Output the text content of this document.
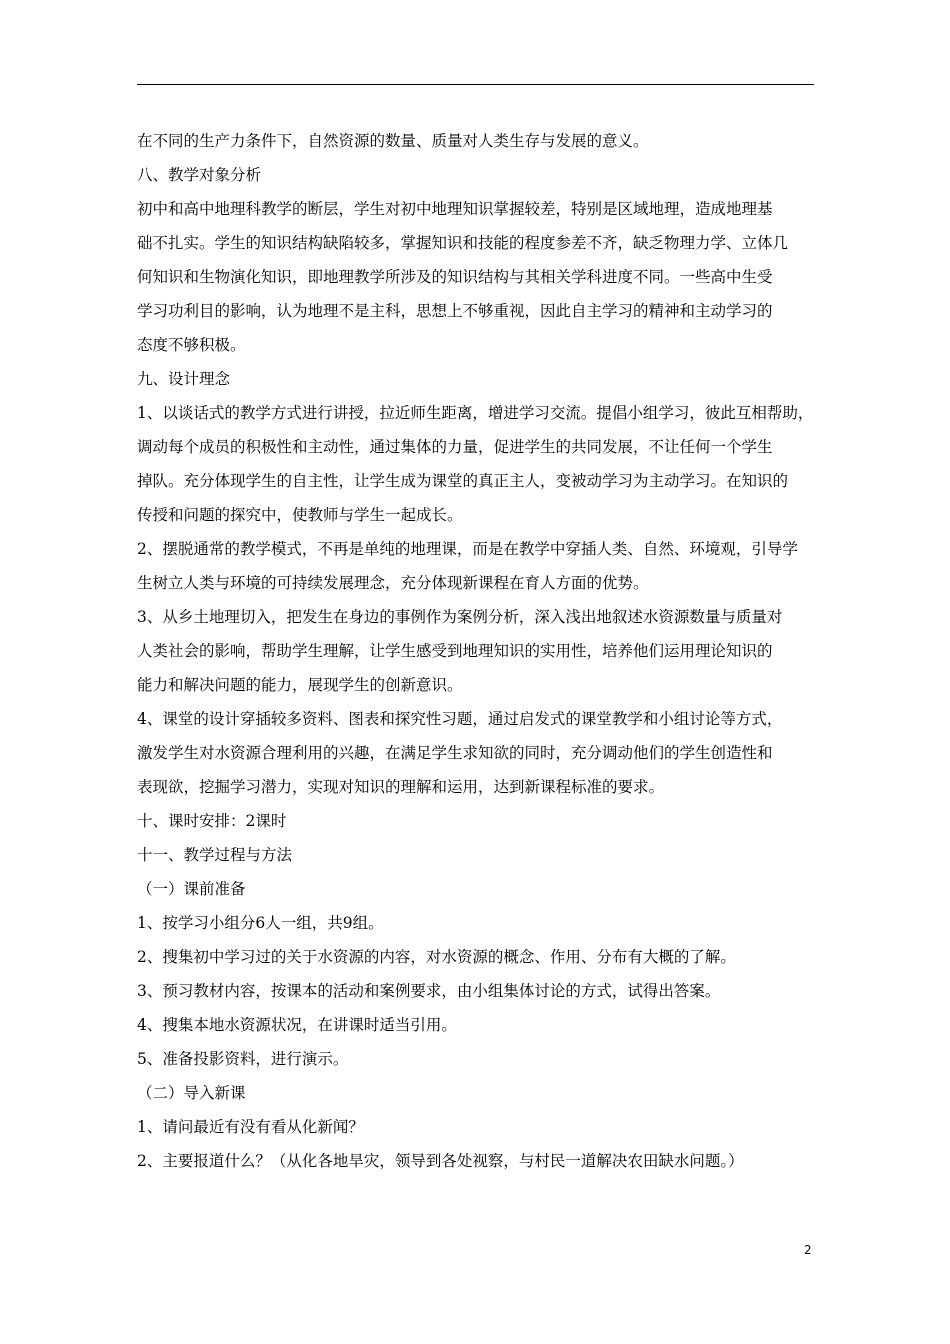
在不同的生产力条件下，自然资源的数量、质量对人类生存与发展的意义。
八、教学对象分析
初中和高中地理科教学的断层，学生对初中地理知识掌握较差，特别是区域地理，造成地理基
础不扎实。学生的知识结构缺陷较多，掌握知识和技能的程度参差不齐，缺乏物理力学、立体几
何知识和生物演化知识，即地理教学所涉及的知识结构与其相关学科进度不同。一些高中生受
学习功利目的影响，认为地理不是主科，思想上不够重视，因此自主学习的精神和主动学习的
态度不够积极。
九、设计理念
1、以谈话式的教学方式进行讲授，拉近师生距离，增进学习交流。提倡小组学习，彼此互相帮助，
调动每个成员的积极性和主动性，通过集体的力量，促进学生的共同发展，不让任何一个学生
掉队。充分体现学生的自主性，让学生成为课堂的真正主人，变被动学习为主动学习。在知识的
传授和问题的探究中，使教师与学生一起成长。
2、摆脱通常的教学模式，不再是单纯的地理课，而是在教学中穿插人类、自然、环境观，引导学
生树立人类与环境的可持续发展理念，充分体现新课程在育人方面的优势。
3、从乡土地理切入，把发生在身边的事例作为案例分析，深入浅出地叙述水资源数量与质量对
人类社会的影响，帮助学生理解，让学生感受到地理知识的实用性，培养他们运用理论知识的
能力和解决问题的能力，展现学生的创新意识。
4、课堂的设计穿插较多资料、图表和探究性习题，通过启发式的课堂教学和小组讨论等方式，
激发学生对水资源合理利用的兴趣，在满足学生求知欲的同时，充分调动他们的学生创造性和
表现欲，挖掘学习潜力，实现对知识的理解和运用，达到新课程标准的要求。
十、课时安排：2课时
十一、教学过程与方法
（一）课前准备
1、按学习小组分6人一组，共9组。
2、搜集初中学习过的关于水资源的内容，对水资源的概念、作用、分布有大概的了解。
3、预习教材内容，按课本的活动和案例要求，由小组集体讨论的方式，试得出答案。
4、搜集本地水资源状况，在讲课时适当引用。
5、准备投影资料，进行演示。
（二）导入新课
1、请问最近有没有看从化新闻？
2、主要报道什么？（从化各地旱灾，领导到各处视察，与村民一道解决农田缺水问题。）
2
